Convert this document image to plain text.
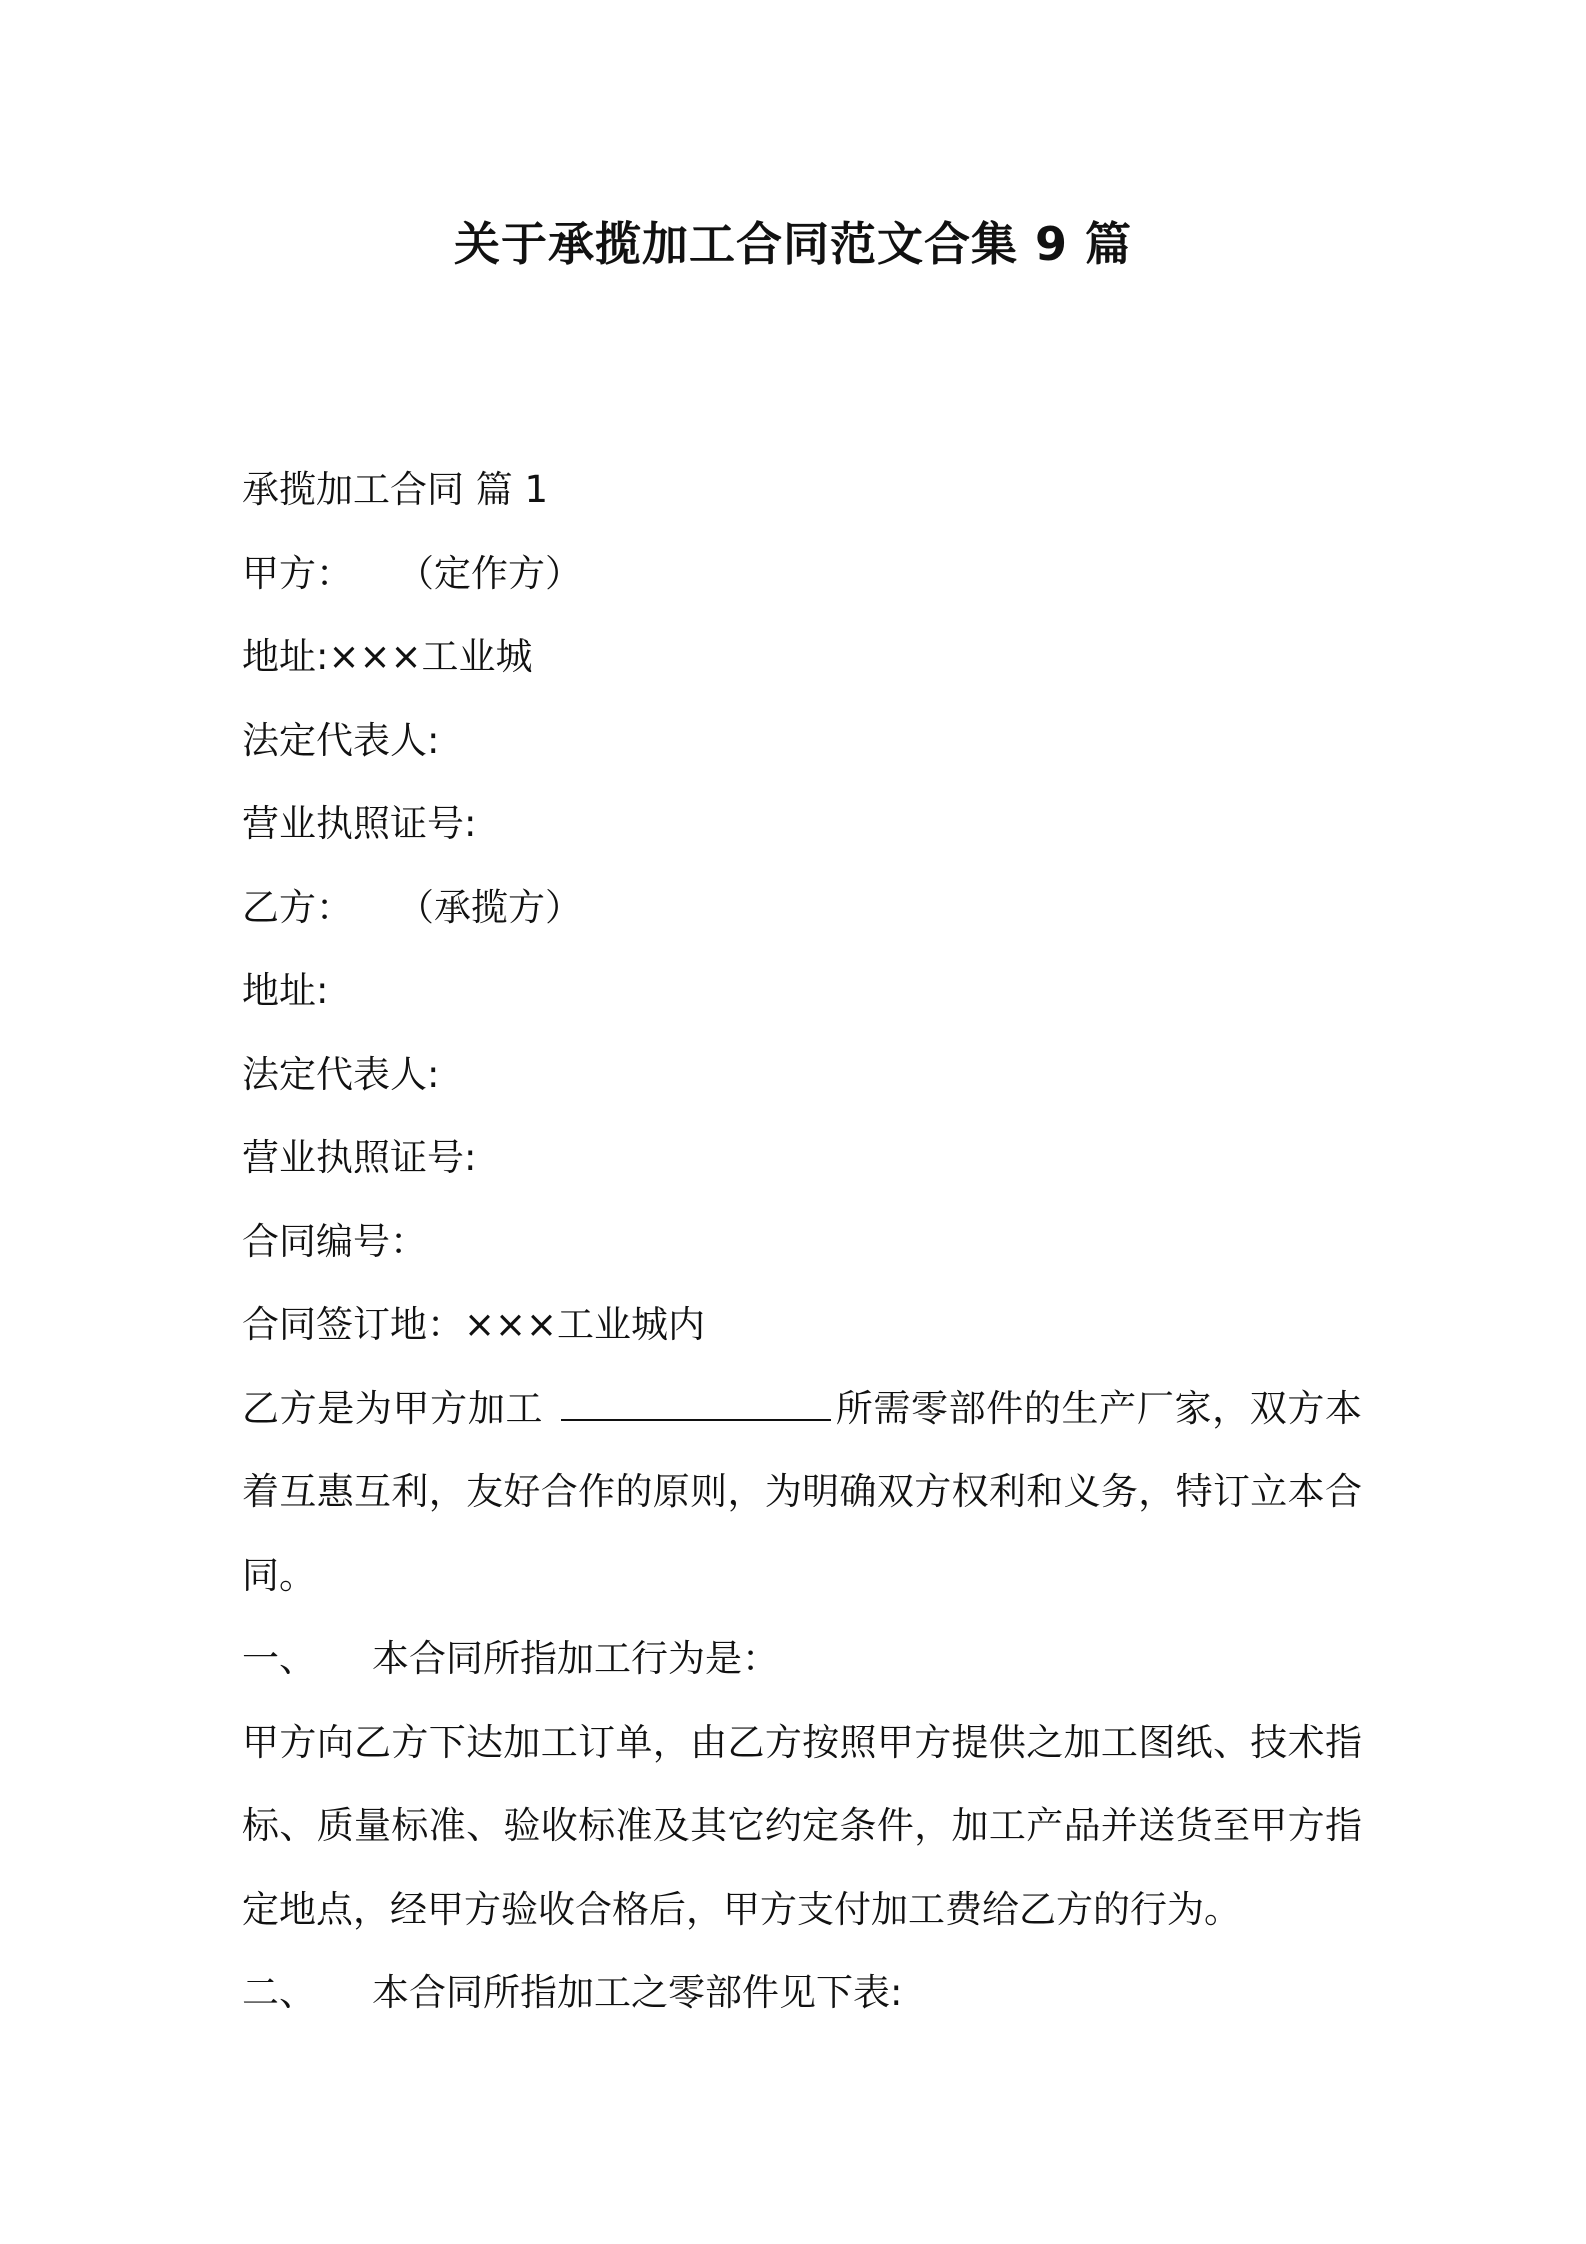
关于承揽加工合同范文合集 9 篇
承揽加工合同 篇 1
甲方： （定作方）
地址:×××工业城
法定代表人:
营业执照证号:
乙方： （承揽方）
地址:
法定代表人:
营业执照证号:
合同编号：
合同签订地：×××工业城内
乙方是为甲方加工	所需零部件的生产厂家，双方本着互惠互利，友好合作的原则，为明确双方权利和义务，特订立本合同。
一、 本合同所指加工行为是：
甲方向乙方下达加工订单，由乙方按照甲方提供之加工图纸、技术指标、质量标准、验收标准及其它约定条件，加工产品并送货至甲方指定地点，经甲方验收合格后，甲方支付加工费给乙方的行为。
二、 本合同所指加工之零部件见下表:
